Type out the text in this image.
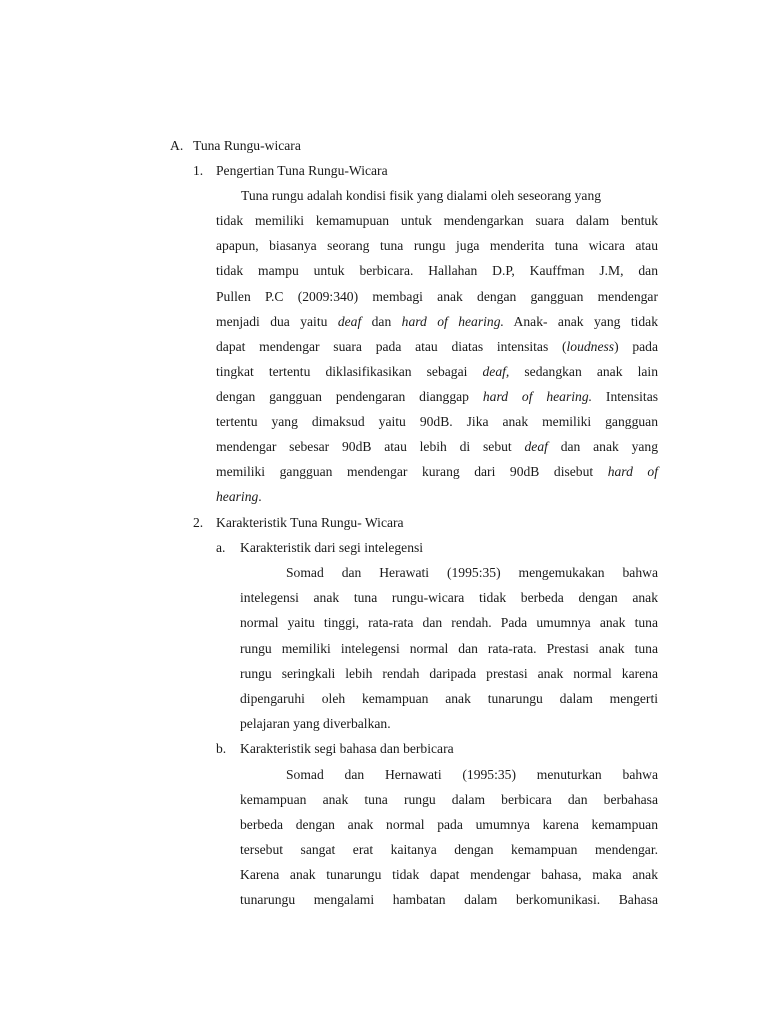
A. Tuna Rungu-wicara
1. Pengertian Tuna Rungu-Wicara
Tuna rungu adalah kondisi fisik yang dialami oleh seseorang yang
tidak memiliki kemamupuan untuk mendengarkan suara dalam bentuk
apapun, biasanya seorang tuna rungu juga menderita tuna wicara atau
tidak mampu untuk berbicara. Hallahan D.P, Kauffman J.M, dan
Pullen P.C (2009:340) membagi anak dengan gangguan mendengar
menjadi dua yaitu deaf dan hard of hearing. Anak- anak yang tidak
dapat mendengar suara pada atau diatas intensitas (loudness) pada
tingkat tertentu diklasifikasikan sebagai deaf, sedangkan anak lain
dengan gangguan pendengaran dianggap hard of hearing. Intensitas
tertentu yang dimaksud yaitu 90dB. Jika anak memiliki gangguan
mendengar sebesar 90dB atau lebih di sebut deaf dan anak yang
memiliki gangguan mendengar kurang dari 90dB disebut hard of
hearing.
2. Karakteristik Tuna Rungu- Wicara
a. Karakteristik dari segi intelegensi
Somad dan Herawati (1995:35) mengemukakan bahwa
intelegensi anak tuna rungu-wicara tidak berbeda dengan anak
normal yaitu tinggi, rata-rata dan rendah. Pada umumnya anak tuna
rungu memiliki intelegensi normal dan rata-rata. Prestasi anak tuna
rungu seringkali lebih rendah daripada prestasi anak normal karena
dipengaruhi oleh kemampuan anak tunarungu dalam mengerti
pelajaran yang diverbalkan.
b. Karakteristik segi bahasa dan berbicara
Somad dan Hernawati (1995:35) menuturkan bahwa
kemampuan anak tuna rungu dalam berbicara dan berbahasa
berbeda dengan anak normal pada umumnya karena kemampuan
tersebut sangat erat kaitanya dengan kemampuan mendengar.
Karena anak tunarungu tidak dapat mendengar bahasa, maka anak
tunarungu mengalami hambatan dalam berkomunikasi. Bahasa
